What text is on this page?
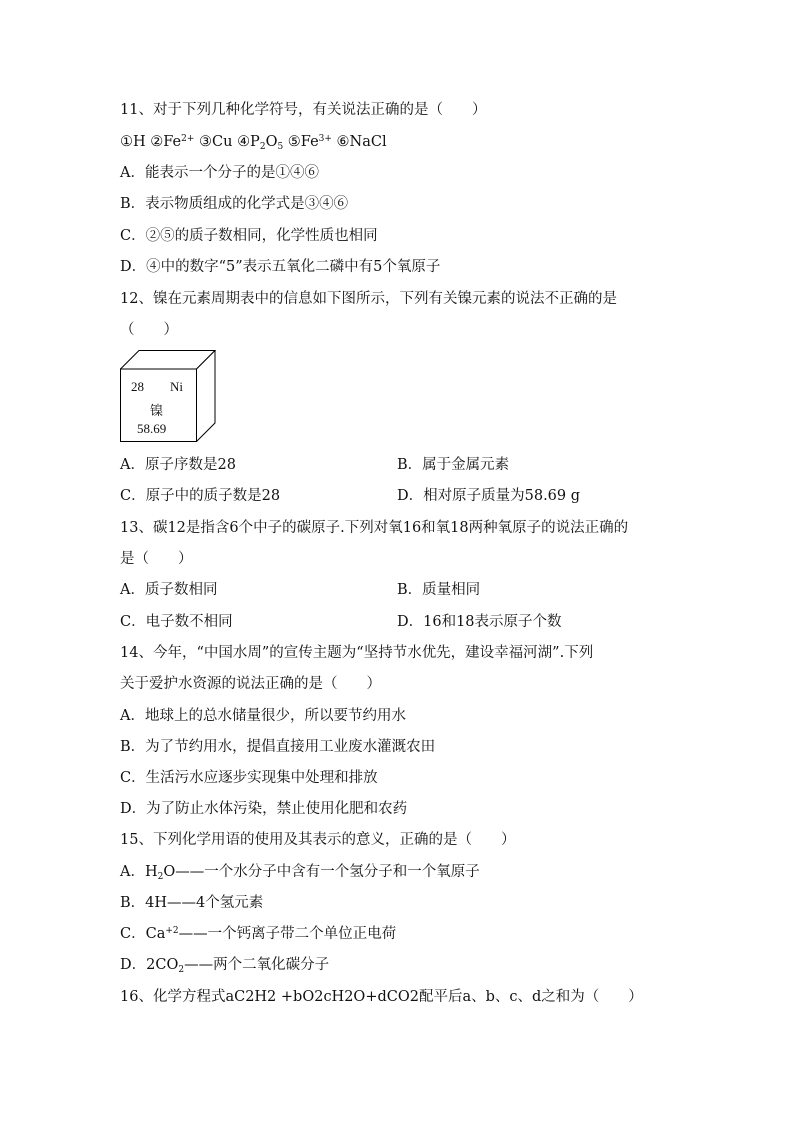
11、对于下列几种化学符号，有关说法正确的是（　　）
①H $②Fe^{2+}$ ③Cu $④P_2O_5$ $⑤Fe^{3+}$ ⑥NaCl
A．能表示一个分子的是①④⑥
B．表示物质组成的化学式是③④⑥
C．②⑤的质子数相同，化学性质也相同
D．④中的数字“5”表示五氧化二磷中有5个氧原子
12、镍在元素周期表中的信息如下图所示，下列有关镍元素的说法不正确的是
（　　）
28 Ni
镍
58.69
A．原子序数是28	B．属于金属元素
C．原子中的质子数是28	D．相对原子质量为58.69 g
13、碳12是指含6个中子的碳原子.下列对氧16和氧18两种氧原子的说法正确的
是（　　）
A．质子数相同	B．质量相同
C．电子数不相同	D．16和18表示原子个数
14、今年，“中国水周”的宣传主题为“坚持节水优先，建设幸福河湖”.下列
关于爱护水资源的说法正确的是（　　）
A．地球上的总水储量很少，所以要节约用水
B．为了节约用水，提倡直接用工业废水灌溉农田
C．生活污水应逐步实现集中处理和排放
D．为了防止水体污染，禁止使用化肥和农药
15、下列化学用语的使用及其表示的意义，正确的是（　　）
A．$H_2O——$一个水分子中含有一个氢分子和一个氧原子
B．4H——4个氢元素
C．$Ca^{+2}——$一个钙离子带二个单位正电荷
D．$2CO_2——$两个二氧化碳分子
16、化学方程式aC2H2 +bO2cH2O+dCO2配平后a、b、c、d之和为（　　）
